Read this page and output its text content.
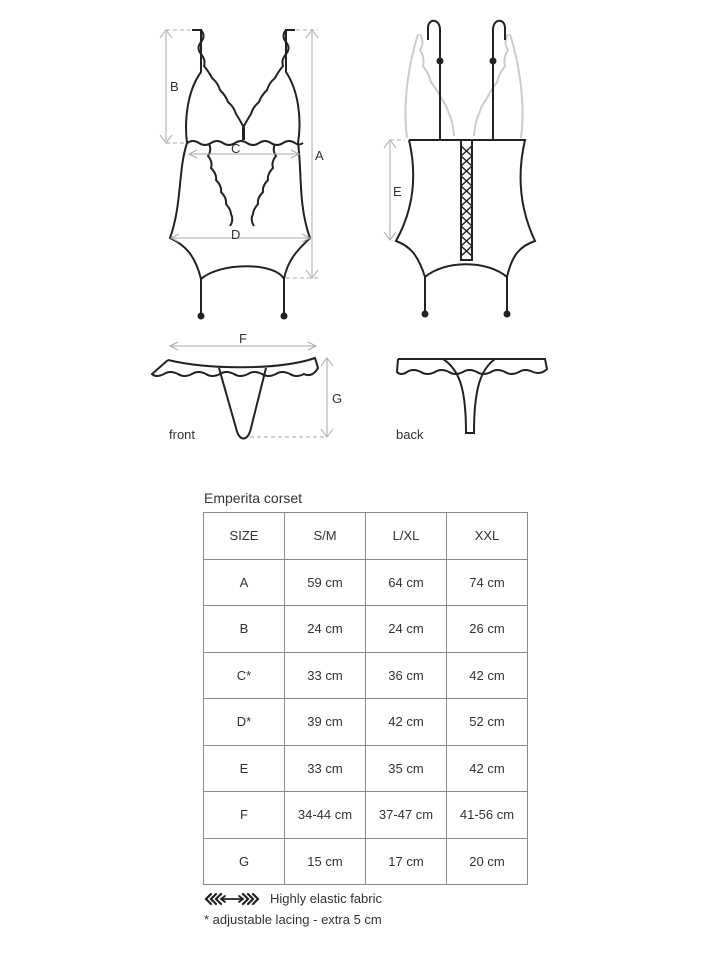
B
A
C
D
E
F
G
front	back
Emperita corset
SIZE	S/M	L/XL	XXL
A	59 cm	64 cm	74 cm
B	24 cm	24 cm	26 cm
C*	33 cm	36 cm	42 cm
D*	39 cm	42 cm	52 cm
E	33 cm	35 cm	42 cm
F	34-44 cm	37-47 cm	41-56 cm
G	15 cm	17 cm	20 cm
Highly elastic fabric
* adjustable lacing - extra 5 cm
